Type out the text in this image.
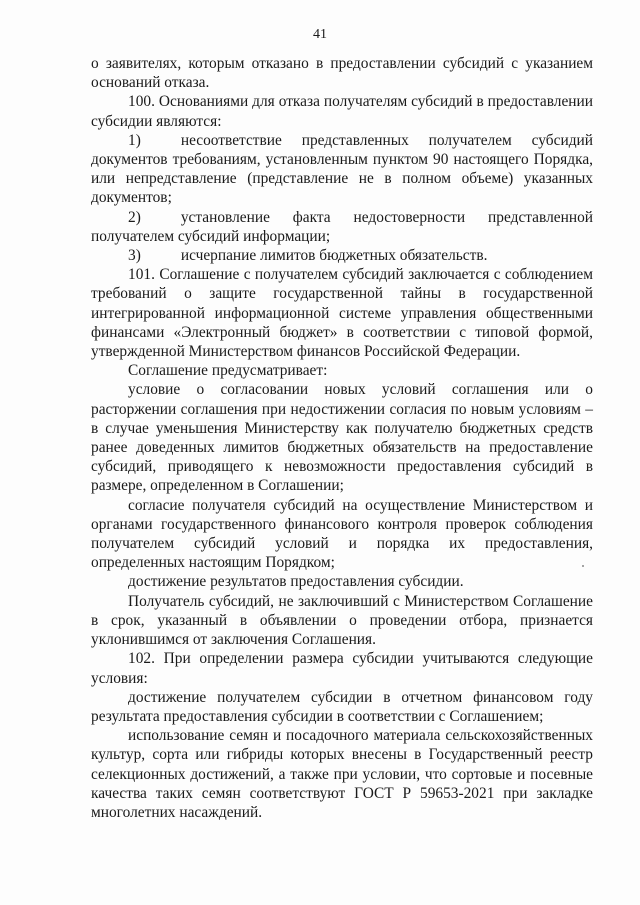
41

о заявителях, которым отказано в предоставлении субсидий с указанием оснований отказа.

100. Основаниями для отказа получателям субсидий в предоставлении субсидии являются:

1)	несоответствие представленных получателем субсидий документов требованиям, установленным пунктом 90 настоящего Порядка, или непредставление (представление не в полном объеме) указанных документов;

2)	установление факта недостоверности представленной получателем субсидий информации;

3)	исчерпание лимитов бюджетных обязательств.

101. Соглашение с получателем субсидий заключается с соблюдением требований о защите государственной тайны в государственной интегрированной информационной системе управления общественными финансами «Электронный бюджет» в соответствии с типовой формой, утвержденной Министерством финансов Российской Федерации.

Соглашение предусматривает:

условие о согласовании новых условий соглашения или о расторжении соглашения при недостижении согласия по новым условиям – в случае уменьшения Министерству как получателю бюджетных средств ранее доведенных лимитов бюджетных обязательств на предоставление субсидий, приводящего к невозможности предоставления субсидий в размере, определенном в Соглашении;

согласие получателя субсидий на осуществление Министерством и органами государственного финансового контроля проверок соблюдения получателем субсидий условий и порядка их предоставления, определенных настоящим Порядком;

достижение результатов предоставления субсидии.

Получатель субсидий, не заключивший с Министерством Соглашение в срок, указанный в объявлении о проведении отбора, признается уклонившимся от заключения Соглашения.

102. При определении размера субсидии учитываются следующие условия:

достижение получателем субсидии в отчетном финансовом году результата предоставления субсидии в соответствии с Соглашением;

использование семян и посадочного материала сельскохозяйственных культур, сорта или гибриды которых внесены в Государственный реестр селекционных достижений, а также при условии, что сортовые и посевные качества таких семян соответствуют ГОСТ Р 59653-2021 при закладке многолетних насаждений.
